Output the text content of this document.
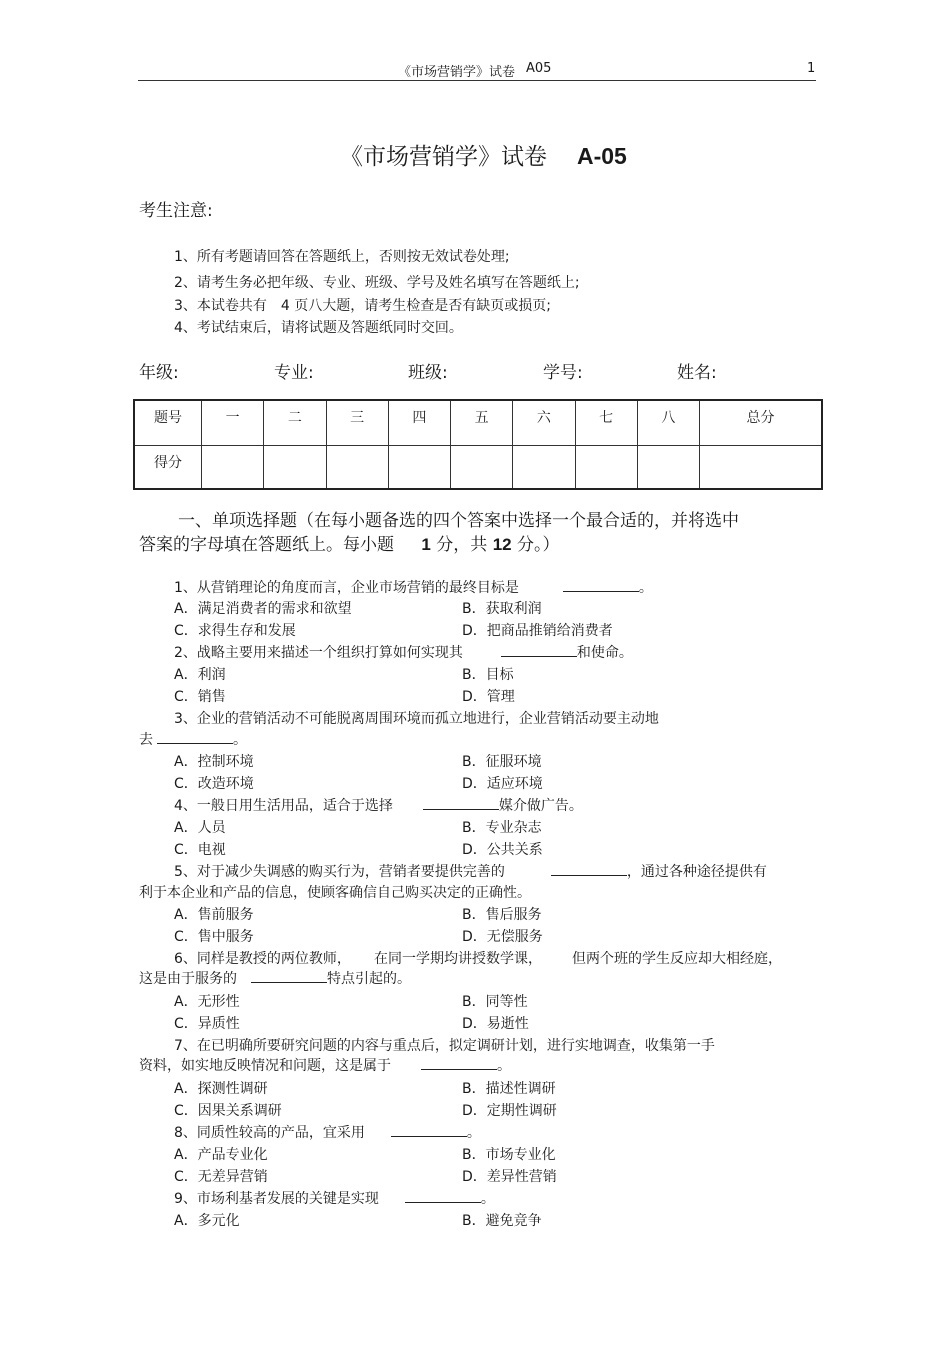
《市场营销学》试卷 A05	1
《市场营销学》试卷 A-05
考生注意:
1、所有考题请回答在答题纸上，否则按无效试卷处理;
2、请考生务必把年级、专业、班级、学号及姓名填写在答题纸上;
3、本试卷共有　4 页八大题，请考生检查是否有缺页或损页;
4、考试结束后，请将试题及答题纸同时交回。
年级:	专业:	班级:	学号:	姓名:
题号	一	二	三	四	五	六	七	八	总分
得分									
一、单项选择题（在每小题备选的四个答案中选择一个最合适的，并将选中
答案的字母填在答题纸上。每小题 1 分，共 12 分。）
1、从营销理论的角度而言，企业市场营销的最终目标是	。
A．满足消费者的需求和欲望	B．获取利润
C．求得生存和发展	D．把商品推销给消费者
2、战略主要用来描述一个组织打算如何实现其	和使命。
A．利润	B．目标
C．销售	D．管理
3、企业的营销活动不可能脱离周围环境而孤立地进行，企业营销活动要主动地
去	。
A．控制环境	B．征服环境
C．改造环境	D．适应环境
4、一般日用生活用品，适合于选择	媒介做广告。
A．人员	B．专业杂志
C．电视	D．公共关系
5、对于减少失调感的购买行为，营销者要提供完善的	，通过各种途径提供有
利于本企业和产品的信息，使顾客确信自己购买决定的正确性。
A．售前服务	B．售后服务
C．售中服务	D．无偿服务
6、同样是教授的两位教师， 在同一学期均讲授数学课， 但两个班的学生反应却大相经庭，
这是由于服务的	特点引起的。
A．无形性	B．同等性
C．异质性	D．易逝性
7、在已明确所要研究问题的内容与重点后，拟定调研计划，进行实地调查，收集第一手
资料，如实地反映情况和问题，这是属于	。
A．探测性调研	B．描述性调研
C．因果关系调研	D．定期性调研
8、同质性较高的产品，宜采用	。
A．产品专业化	B．市场专业化
C．无差异营销	D．差异性营销
9、市场利基者发展的关键是实现	。
A．多元化	B．避免竞争
